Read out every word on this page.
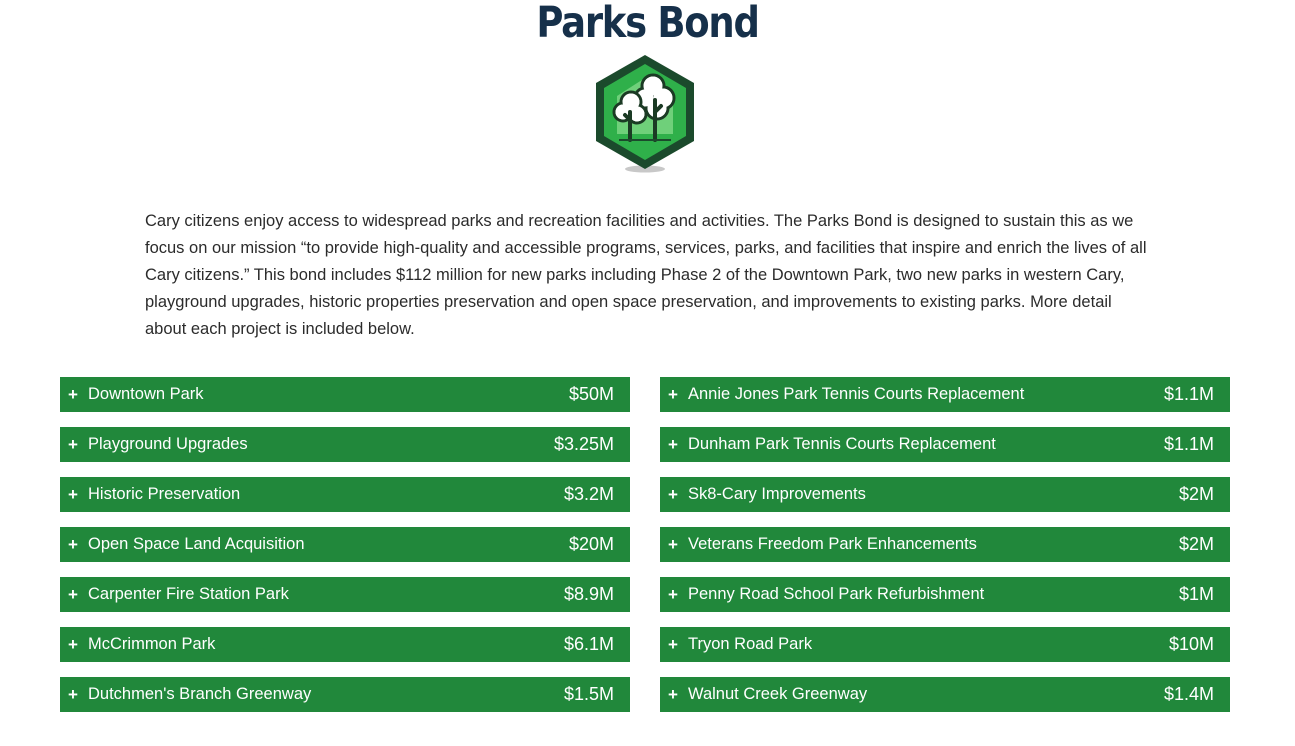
Parks Bond

Cary citizens enjoy access to widespread parks and recreation facilities and activities. The Parks Bond is designed to sustain this as we focus on our mission “to provide high-quality and accessible programs, services, parks, and facilities that inspire and enrich the lives of all Cary citizens.” This bond includes $112 million for new parks including Phase 2 of the Downtown Park, two new parks in western Cary, playground upgrades, historic properties preservation and open space preservation, and improvements to existing parks. More detail about each project is included below.

+ Downtown Park	$50M
+ Playground Upgrades	$3.25M
+ Historic Preservation	$3.2M
+ Open Space Land Acquisition	$20M
+ Carpenter Fire Station Park	$8.9M
+ McCrimmon Park	$6.1M
+ Dutchmen's Branch Greenway	$1.5M
+ Annie Jones Park Tennis Courts Replacement	$1.1M
+ Dunham Park Tennis Courts Replacement	$1.1M
+ Sk8-Cary Improvements	$2M
+ Veterans Freedom Park Enhancements	$2M
+ Penny Road School Park Refurbishment	$1M
+ Tryon Road Park	$10M
+ Walnut Creek Greenway	$1.4M
